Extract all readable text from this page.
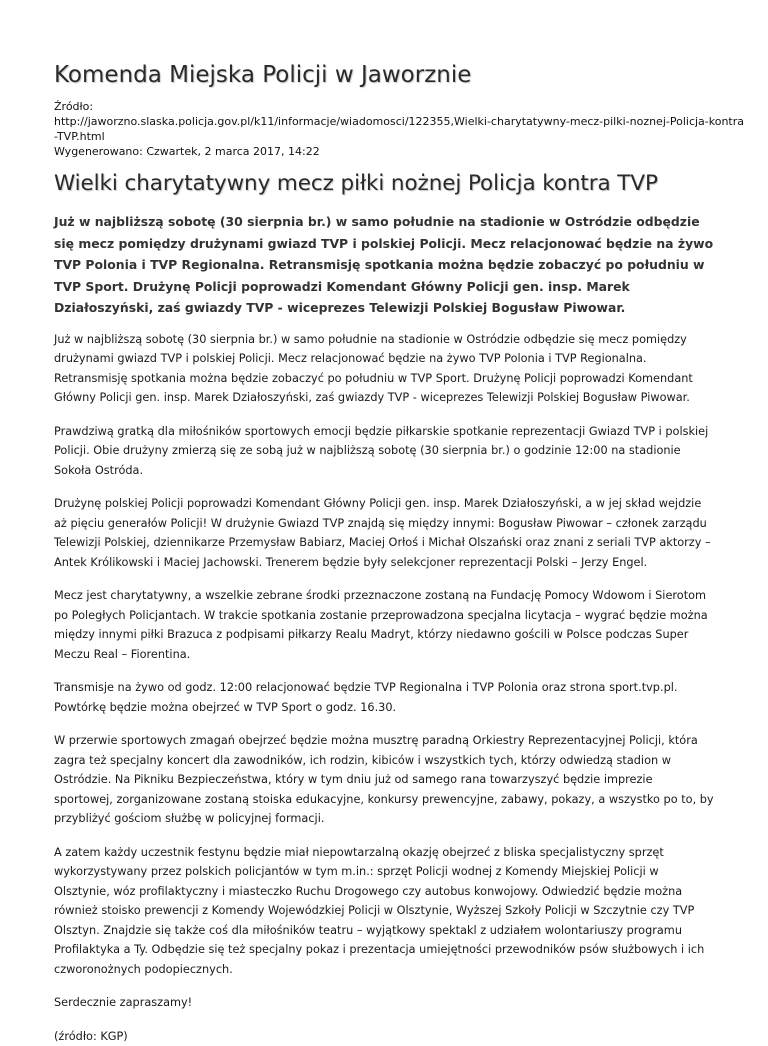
Komenda Miejska Policji w Jaworznie
Źródło:
http://jaworzno.slaska.policja.gov.pl/k11/informacje/wiadomosci/122355,Wielki-charytatywny-mecz-pilki-noznej-Policja-kontra
-TVP.html
Wygenerowano: Czwartek, 2 marca 2017, 14:22
Wielki charytatywny mecz piłki nożnej Policja kontra TVP
Już w najbliższą sobotę (30 sierpnia br.) w samo południe na stadionie w Ostródzie odbędzie się mecz pomiędzy drużynami gwiazd TVP i polskiej Policji. Mecz relacjonować będzie na żywo TVP Polonia i TVP Regionalna. Retransmisję spotkania można będzie zobaczyć po południu w TVP Sport. Drużynę Policji poprowadzi Komendant Główny Policji gen. insp. Marek Działoszyński, zaś gwiazdy TVP - wiceprezes Telewizji Polskiej Bogusław Piwowar.

Już w najbliższą sobotę (30 sierpnia br.) w samo południe na stadionie w Ostródzie odbędzie się mecz pomiędzy drużynami gwiazd TVP i polskiej Policji. Mecz relacjonować będzie na żywo TVP Polonia i TVP Regionalna. Retransmisję spotkania można będzie zobaczyć po południu w TVP Sport. Drużynę Policji poprowadzi Komendant Główny Policji gen. insp. Marek Działoszyński, zaś gwiazdy TVP - wiceprezes Telewizji Polskiej Bogusław Piwowar.

Prawdziwą gratką dla miłośników sportowych emocji będzie piłkarskie spotkanie reprezentacji Gwiazd TVP i polskiej Policji. Obie drużyny zmierzą się ze sobą już w najbliższą sobotę (30 sierpnia br.) o godzinie 12:00 na stadionie Sokoła Ostróda.

Drużynę polskiej Policji poprowadzi Komendant Główny Policji gen. insp. Marek Działoszyński, a w jej skład wejdzie aż pięciu generałów Policji! W drużynie Gwiazd TVP znajdą się między innymi: Bogusław Piwowar – członek zarządu Telewizji Polskiej, dziennikarze Przemysław Babiarz, Maciej Orłoś i Michał Olszański oraz znani z seriali TVP aktorzy – Antek Królikowski i Maciej Jachowski. Trenerem będzie były selekcjoner reprezentacji Polski – Jerzy Engel.

Mecz jest charytatywny, a wszelkie zebrane środki przeznaczone zostaną na Fundację Pomocy Wdowom i Sierotom po Poległych Policjantach. W trakcie spotkania zostanie przeprowadzona specjalna licytacja – wygrać będzie można między innymi piłki Brazuca z podpisami piłkarzy Realu Madryt, którzy niedawno gościli w Polsce podczas Super Meczu Real – Fiorentina.

Transmisje na żywo od godz. 12:00 relacjonować będzie TVP Regionalna i TVP Polonia oraz strona sport.tvp.pl. Powtórkę będzie można obejrzeć w TVP Sport o godz. 16.30.

W przerwie sportowych zmagań obejrzeć będzie można musztrę paradną Orkiestry Reprezentacyjnej Policji, która zagra też specjalny koncert dla zawodników, ich rodzin, kibiców i wszystkich tych, którzy odwiedzą stadion w Ostródzie. Na Pikniku Bezpieczeństwa, który w tym dniu już od samego rana towarzyszyć będzie imprezie sportowej, zorganizowane zostaną stoiska edukacyjne, konkursy prewencyjne, zabawy, pokazy, a wszystko po to, by przybliżyć gościom służbę w policyjnej formacji.

A zatem każdy uczestnik festynu będzie miał niepowtarzalną okazję obejrzeć z bliska specjalistyczny sprzęt wykorzystywany przez polskich policjantów w tym m.in.: sprzęt Policji wodnej z Komendy Miejskiej Policji w Olsztynie, wóz profilaktyczny i miasteczko Ruchu Drogowego czy autobus konwojowy. Odwiedzić będzie można również stoisko prewencji z Komendy Wojewódzkiej Policji w Olsztynie, Wyższej Szkoły Policji w Szczytnie czy TVP Olsztyn. Znajdzie się także coś dla miłośników teatru – wyjątkowy spektakl z udziałem wolontariuszy programu Profilaktyka a Ty. Odbędzie się też specjalny pokaz i prezentacja umiejętności przewodników psów służbowych i ich czworonożnych podopiecznych.

Serdecznie zapraszamy!

(źródło: KGP)
